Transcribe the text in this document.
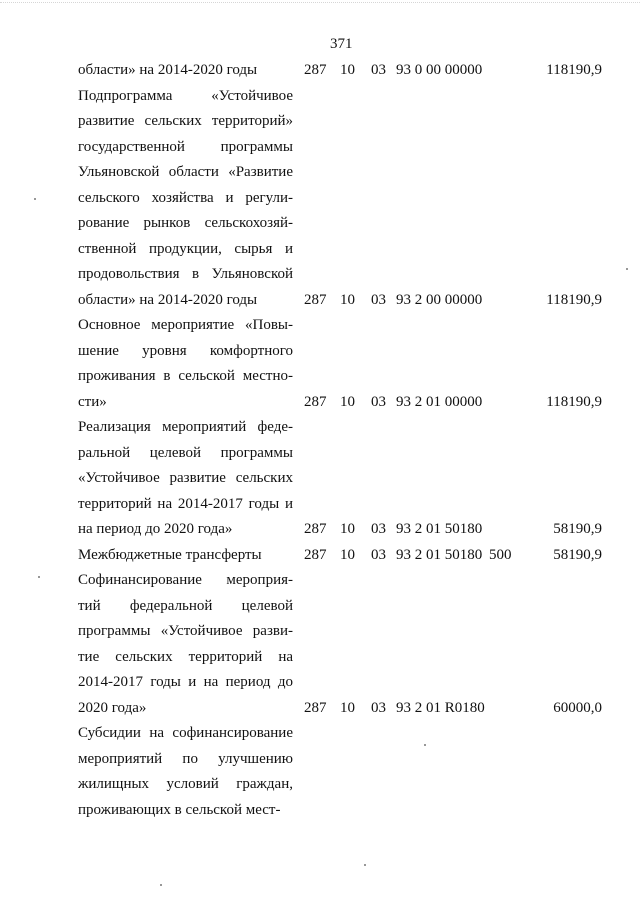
371
области» на 2014-2020 годы	287 10 03 93 0 00 00000	118190,9
Подпрограмма «Устойчивое
развитие сельских территорий»
государственной программы
Ульяновской области «Развитие
сельского хозяйства и регули-
рование рынков сельскохозяй-
ственной продукции, сырья и
продовольствия в Ульяновской
области» на 2014-2020 годы	287 10 03 93 2 00 00000	118190,9
Основное мероприятие «Повы-
шение уровня комфортного
проживания в сельской местно-
сти»	287 10 03 93 2 01 00000	118190,9
Реализация мероприятий феде-
ральной целевой программы
«Устойчивое развитие сельских
территорий на 2014-2017 годы и
на период до 2020 года»	287 10 03 93 2 01 50180	58190,9
Межбюджетные трансферты	287 10 03 93 2 01 50180 500	58190,9
Софинансирование мероприя-
тий федеральной целевой
программы «Устойчивое разви-
тие сельских территорий на
2014-2017 годы и на период до
2020 года»	287 10 03 93 2 01 R0180	60000,0
Субсидии на софинансирование
мероприятий по улучшению
жилищных условий граждан,
проживающих в сельской мест-
